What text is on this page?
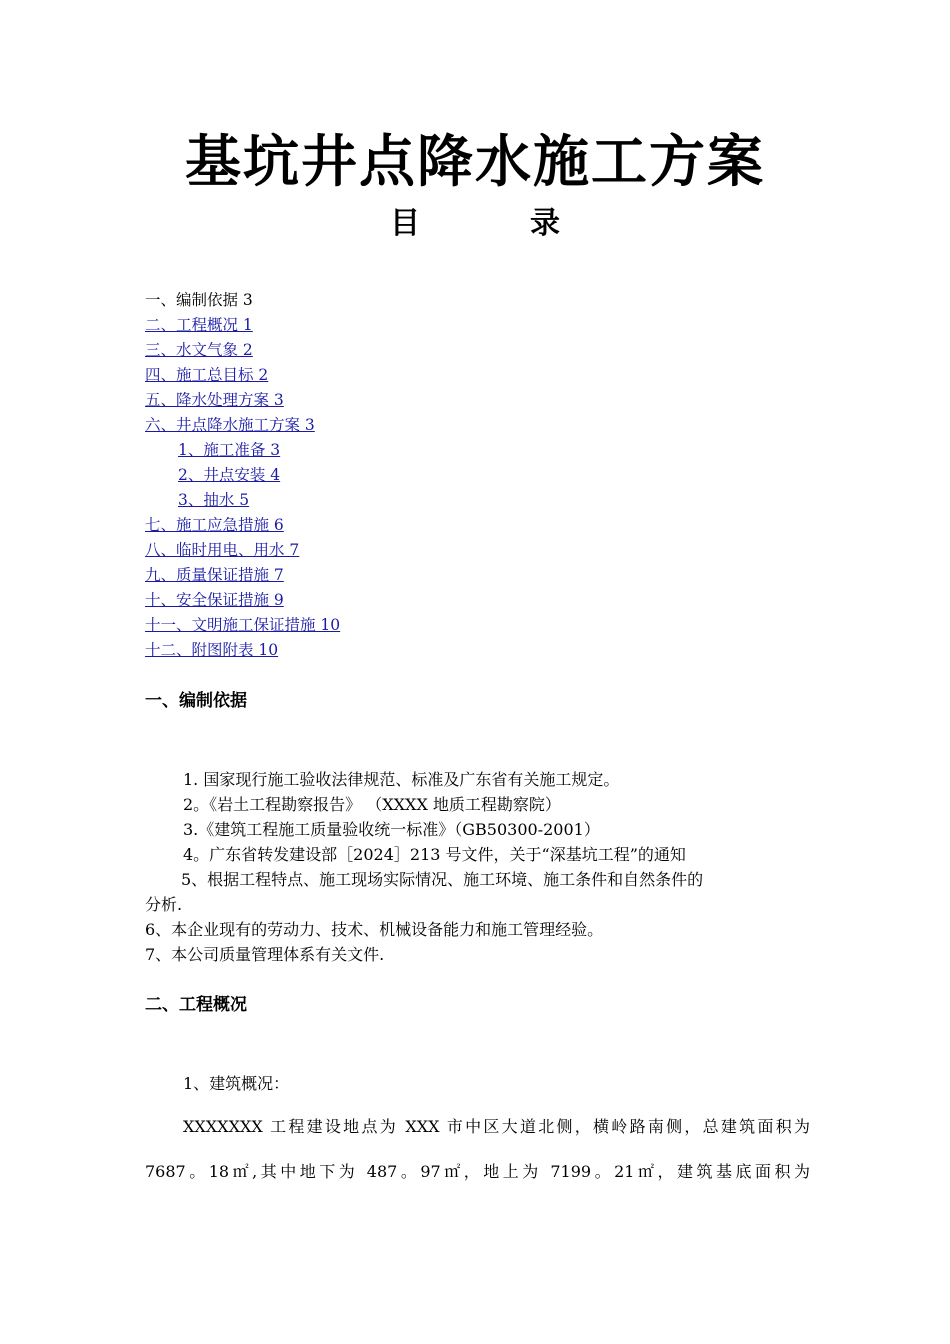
基坑井点降水施工方案
目　录
一、编制依据 3
二、工程概况 1
三、水文气象 2
四、施工总目标 2
五、降水处理方案 3
六、井点降水施工方案 3
1、施工准备 3
2、井点安装 4
3、抽水 5
七、施工应急措施 6
八、临时用电、用水 7
九、质量保证措施 7
十、安全保证措施 9
十一、文明施工保证措施 10
十二、附图附表 10
一、编制依据
1. 国家现行施工验收法律规范、标准及广东省有关施工规定。
2。《岩土工程勘察报告》 （XXXX 地质工程勘察院）
3.《建筑工程施工质量验收统一标准》（GB50300-2001）
4。广东省转发建设部［2024］213 号文件，关于“深基坑工程”的通知
5、根据工程特点、施工现场实际情况、施工环境、施工条件和自然条件的
分析.
6、本企业现有的劳动力、技术、机械设备能力和施工管理经验。
7、本公司质量管理体系有关文件.
二、工程概况
1、建筑概况：
XXXXXXX 工程建设地点为 XXX 市中区大道北侧，横岭路南侧，总建筑面积为
7687。18㎡,其中地下为 487。97㎡，地上为 7199。21㎡，建筑基底面积为
